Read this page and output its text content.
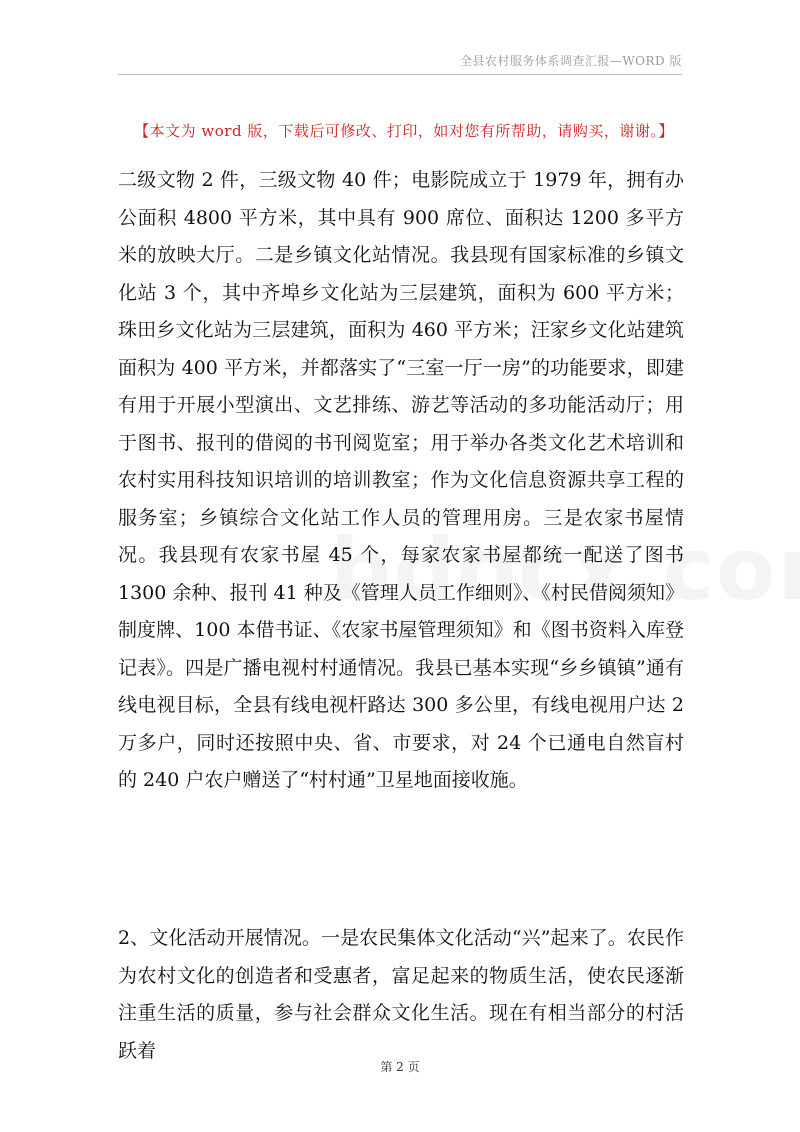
全县农村服务体系调查汇报—WORD 版
【本文为 word 版，下载后可修改、打印，如对您有所帮助，请购买，谢谢。】

二级文物 2 件，三级文物 40 件；电影院成立于 1979 年，拥有办公面积 4800 平方米，其中具有 900 席位、面积达 1200 多平方米的放映大厅。二是乡镇文化站情况。我县现有国家标准的乡镇文化站 3 个，其中齐埠乡文化站为三层建筑，面积为 600 平方米；珠田乡文化站为三层建筑，面积为 460 平方米；汪家乡文化站建筑面积为 400 平方米，并都落实了“三室一厅一房”的功能要求，即建有用于开展小型演出、文艺排练、游艺等活动的多功能活动厅；用于图书、报刊的借阅的书刊阅览室；用于举办各类文化艺术培训和农村实用科技知识培训的培训教室；作为文化信息资源共享工程的服务室；乡镇综合文化站工作人员的管理用房。三是农家书屋情况。我县现有农家书屋 45 个，每家农家书屋都统一配送了图书 1300 余种、报刊 41 种及《管理人员工作细则》、《村民借阅须知》制度牌、100 本借书证、《农家书屋管理须知》和《图书资料入库登记表》。四是广播电视村村通情况。我县已基本实现“乡乡镇镇”通有线电视目标，全县有线电视杆路达 300 多公里，有线电视用户达 2 万多户，同时还按照中央、省、市要求，对 24 个已通电自然盲村的 240 户农户赠送了“村村通”卫星地面接收施。

2、文化活动开展情况。一是农民集体文化活动“兴”起来了。农民作为农村文化的创造者和受惠者，富足起来的物质生活，使农民逐渐注重生活的质量，参与社会群众文化生活。现在有相当部分的村活跃着

第 2 页
